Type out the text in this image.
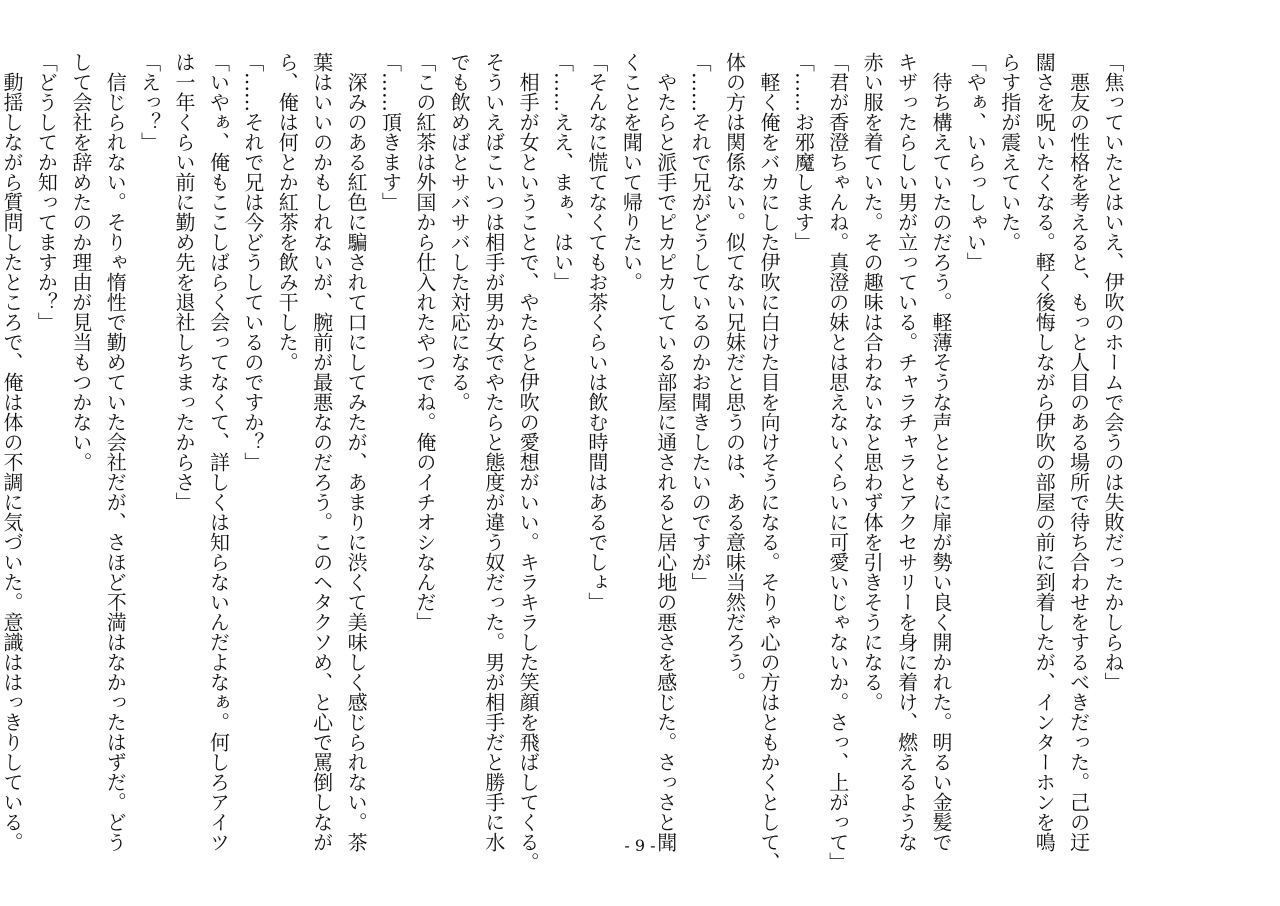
「焦っていたとはいえ、伊吹のホームで会うのは失敗だったかしらね」
　悪友の性格を考えると、もっと人目のある場所で待ち合わせをするべきだった。己の迂
闊さを呪いたくなる。軽く後悔しながら伊吹の部屋の前に到着したが、インターホンを鳴
らす指が震えていた。
「やぁ、いらっしゃい」
　待ち構えていたのだろう。軽薄そうな声とともに扉が勢い良く開かれた。明るい金髪で
キザったらしい男が立っている。チャラチャラとアクセサリーを身に着け、燃えるような
赤い服を着ていた。その趣味は合わないなと思わず体を引きそうになる。
「君が香澄ちゃんね。真澄の妹とは思えないくらいに可愛いじゃないか。さっ、上がって」
「……お邪魔します」
　軽く俺をバカにした伊吹に白けた目を向けそうになる。そりゃ心の方はともかくとして、
体の方は関係ない。似てない兄妹だと思うのは、ある意味当然だろう。
「……それで兄がどうしているのかお聞きしたいのですが」
　やたらと派手でピカピカしている部屋に通されると居心地の悪さを感じた。さっさと聞
くことを聞いて帰りたい。
「そんなに慌てなくてもお茶くらいは飲む時間はあるでしょ」
「……ええ、まぁ、はい」
　相手が女ということで、やたらと伊吹の愛想がいい。キラキラした笑顔を飛ばしてくる。
そういえばこいつは相手が男か女でやたらと態度が違う奴だった。男が相手だと勝手に水
でも飲めばとサバサバした対応になる。
「この紅茶は外国から仕入れたやつでね。俺のイチオシなんだ」
「……頂きます」
　深みのある紅色に騙されて口にしてみたが、あまりに渋くて美味しく感じられない。茶
葉はいいのかもしれないが、腕前が最悪なのだろう。このヘタクソめ、と心で罵倒しなが
ら、俺は何とか紅茶を飲み干した。
「……それで兄は今どうしているのですか？」
「いやぁ、俺もここしばらく会ってなくて、詳しくは知らないんだよなぁ。何しろアイツ
は一年くらい前に勤め先を退社しちまったからさ」
「えっ？」
　信じられない。そりゃ惰性で勤めていた会社だが、さほど不満はなかったはずだ。どう
して会社を辞めたのか理由が見当もつかない。
「どうしてか知ってますか？」
　動揺しながら質問したところで、俺は体の不調に気づいた。意識ははっきりしている。	- 9 -
